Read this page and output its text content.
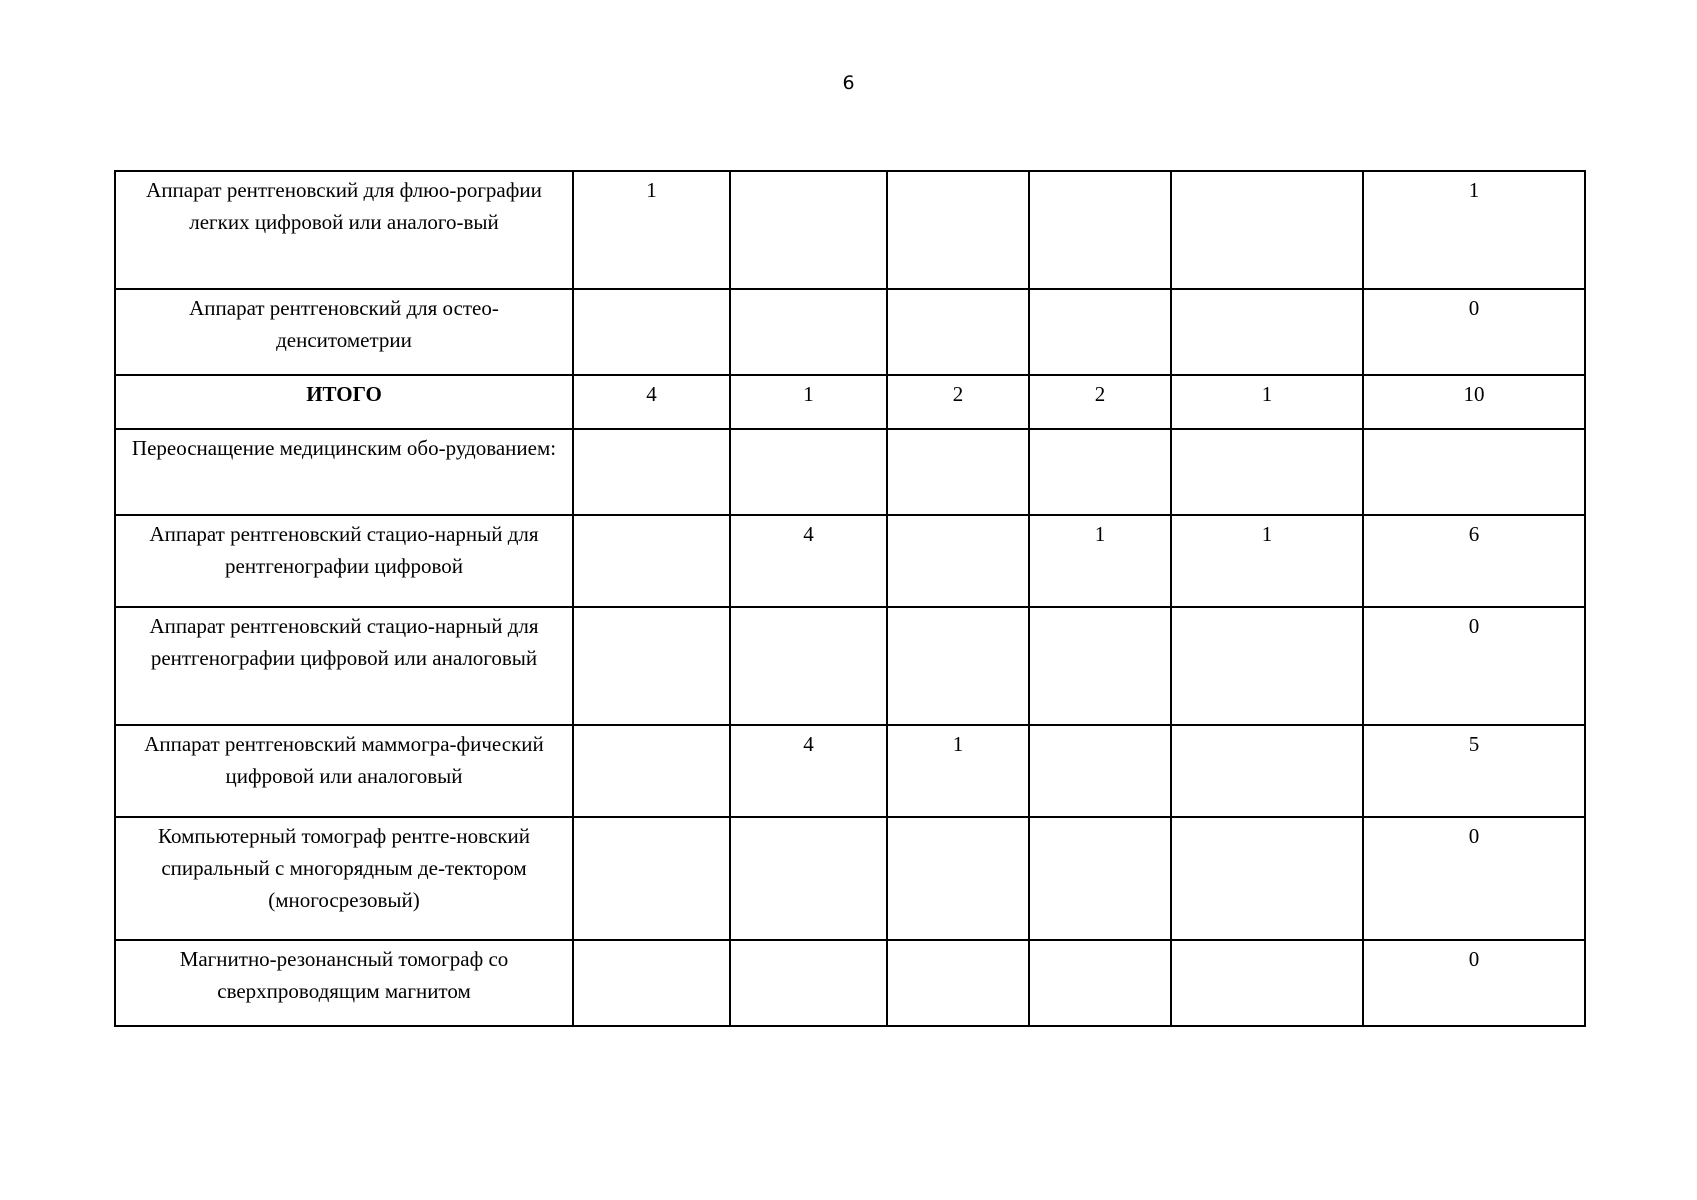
6
Аппарат рентгеновский для флюо-рографии легких цифровой или аналого-вый	1					1
Аппарат рентгеновский для остео-денситометрии						0
ИТОГО	4	1	2	2	1	10
Переоснащение медицинским обо-рудованием:						
Аппарат рентгеновский стацио-нарный для рентгенографии цифровой		4		1	1	6
Аппарат рентгеновский стацио-нарный для рентгенографии цифровой или аналоговый						0
Аппарат рентгеновский маммогра-фический цифровой или аналоговый		4	1			5
Компьютерный томограф рентге-новский спиральный с многорядным де-тектором (многосрезовый)						0
Магнитно-резонансный томограф со сверхпроводящим магнитом						0
